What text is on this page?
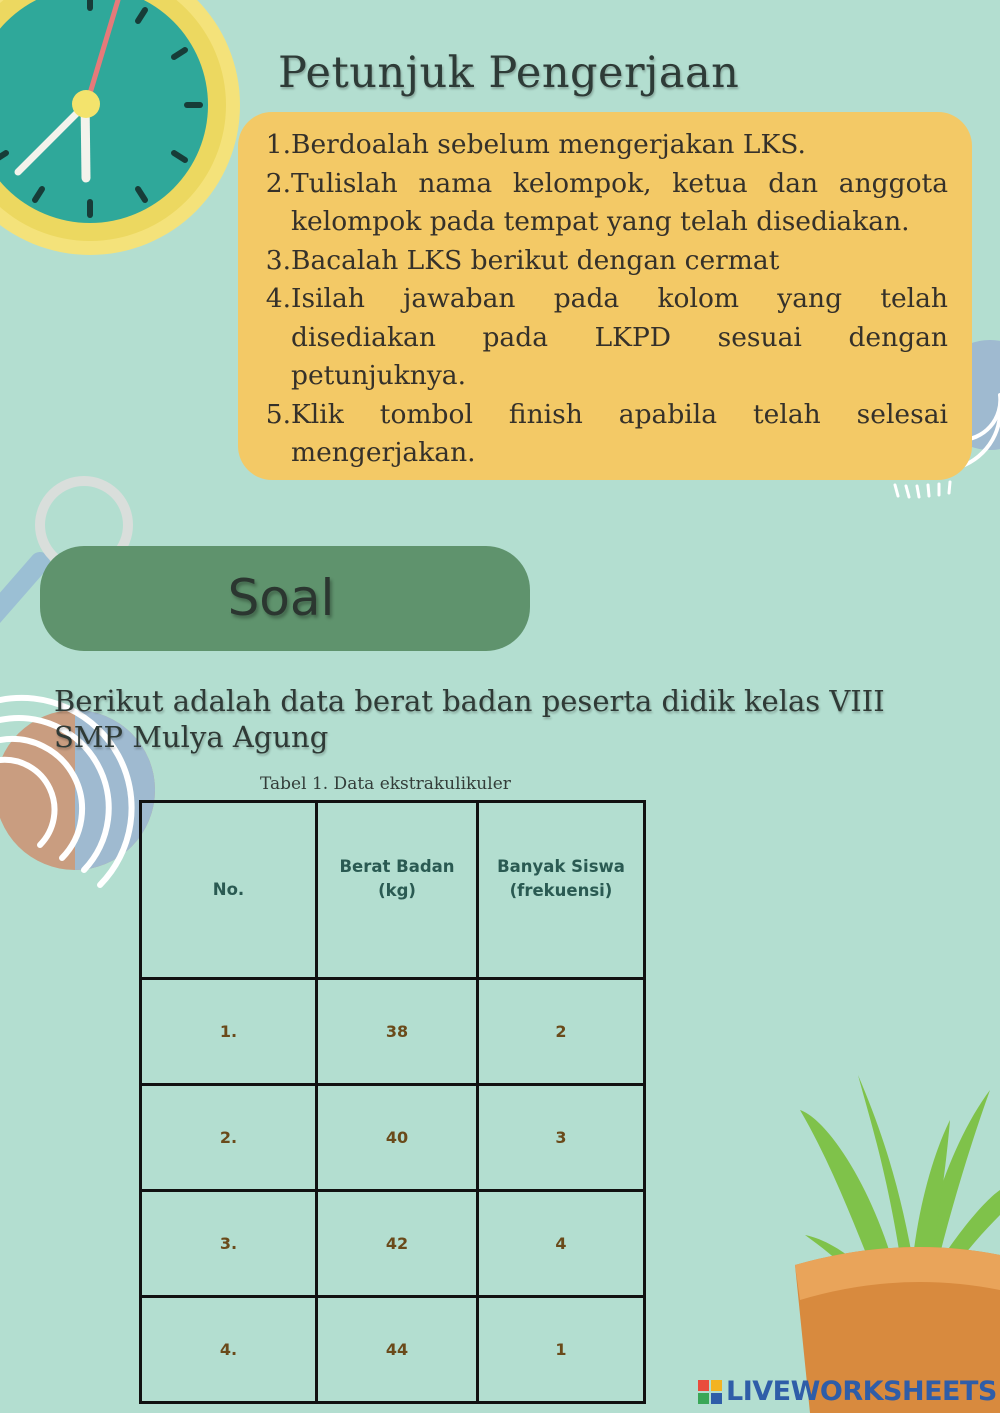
Petunjuk Pengerjaan
1. Berdoalah sebelum mengerjakan LKS.
2. Tulislah nama kelompok, ketua dan anggota kelompok pada tempat yang telah disediakan.
3. Bacalah LKS berikut dengan cermat
4. Isilah jawaban pada kolom yang telah disediakan pada LKPD sesuai dengan petunjuknya.
5. Klik tombol finish apabila telah selesai mengerjakan.
Soal
Berikut adalah data berat badan peserta didik kelas VIII SMP Mulya Agung
Tabel 1. Data ekstrakulikuler
No.	Berat Badan (kg)	Banyak Siswa (frekuensi)
1.	38	2
2.	40	3
3.	42	4
4.	44	1
LIVEWORKSHEETS
